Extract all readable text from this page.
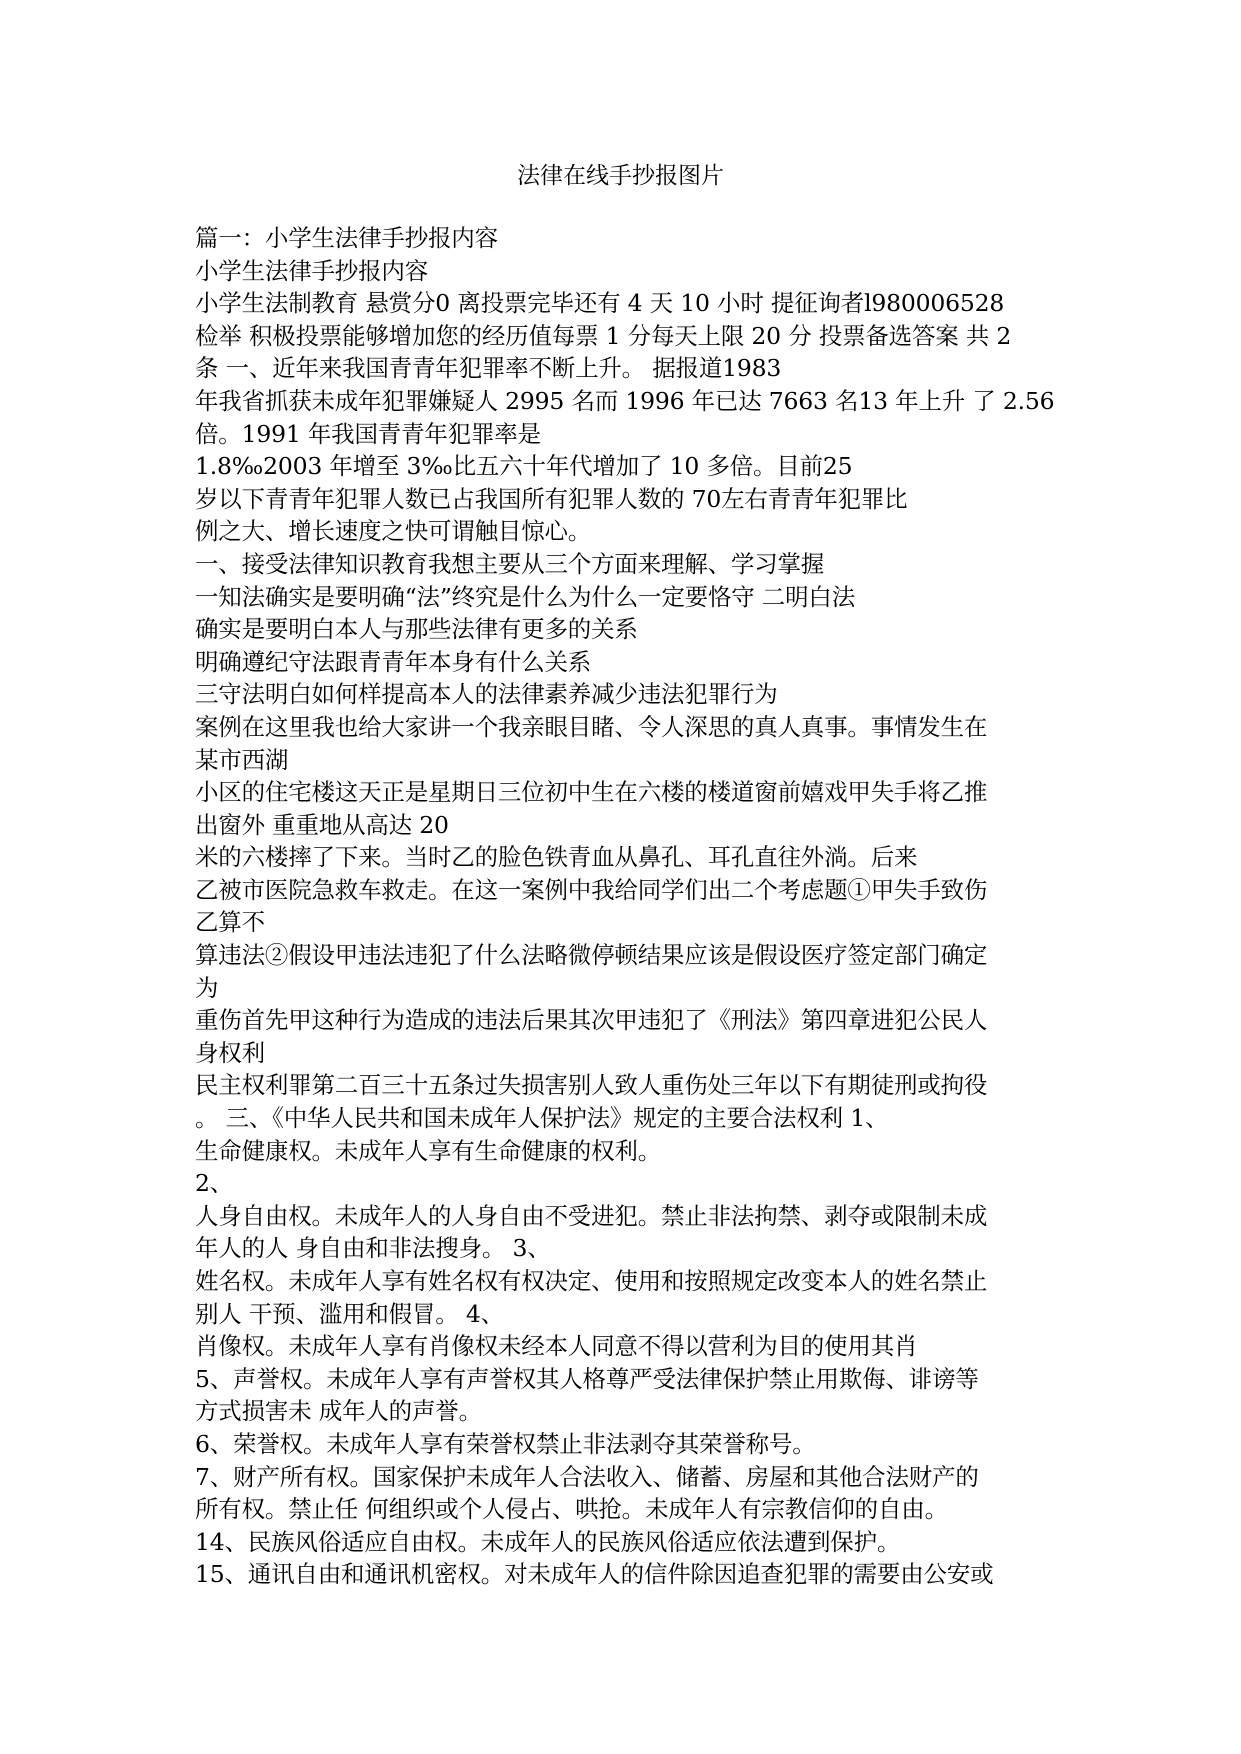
法律在线手抄报图片
篇一：小学生法律手抄报内容
小学生法律手抄报内容
小学生法制教育 悬赏分0 离投票完毕还有 4 天 10 小时 提征询者l980006528
检举 积极投票能够增加您的经历值每票 1 分每天上限 20 分 投票备选答案 共 2
条 一、近年来我国青青年犯罪率不断上升。 据报道1983
年我省抓获未成年犯罪嫌疑人 2995 名而 1996 年已达 7663 名13 年上升 了 2.56
倍。1991 年我国青青年犯罪率是
1.8‰2003 年增至 3‰比五六十年代增加了 10 多倍。目前25
岁以下青青年犯罪人数已占我国所有犯罪人数的 70左右青青年犯罪比
例之大、增长速度之快可谓触目惊心。
一、接受法律知识教育我想主要从三个方面来理解、学习掌握
一知法确实是要明确“法”终究是什么为什么一定要恪守 二明白法
确实是要明白本人与那些法律有更多的关系
明确遵纪守法跟青青年本身有什么关系
三守法明白如何样提高本人的法律素养减少违法犯罪行为
案例在这里我也给大家讲一个我亲眼目睹、令人深思的真人真事。事情发生在
某市西湖
小区的住宅楼这天正是星期日三位初中生在六楼的楼道窗前嬉戏甲失手将乙推
出窗外 重重地从高达 20
米的六楼摔了下来。当时乙的脸色铁青血从鼻孔、耳孔直往外淌。后来
乙被市医院急救车救走。在这一案例中我给同学们出二个考虑题①甲失手致伤
乙算不
算违法②假设甲违法违犯了什么法略微停顿结果应该是假设医疗签定部门确定
为
重伤首先甲这种行为造成的违法后果其次甲违犯了《刑法》第四章进犯公民人
身权利
民主权利罪第二百三十五条过失损害别人致人重伤处三年以下有期徒刑或拘役
。 三、《中华人民共和国未成年人保护法》规定的主要合法权利 1、
生命健康权。未成年人享有生命健康的权利。
2、
人身自由权。未成年人的人身自由不受进犯。禁止非法拘禁、剥夺或限制未成
年人的人 身自由和非法搜身。 3、
姓名权。未成年人享有姓名权有权决定、使用和按照规定改变本人的姓名禁止
别人 干预、滥用和假冒。 4、
肖像权。未成年人享有肖像权未经本人同意不得以营利为目的使用其肖
5、声誉权。未成年人享有声誉权其人格尊严受法律保护禁止用欺侮、诽谤等
方式损害未 成年人的声誉。
6、荣誉权。未成年人享有荣誉权禁止非法剥夺其荣誉称号。
7、财产所有权。国家保护未成年人合法收入、储蓄、房屋和其他合法财产的
所有权。禁止任 何组织或个人侵占、哄抢。未成年人有宗教信仰的自由。
14、民族风俗适应自由权。未成年人的民族风俗适应依法遭到保护。
15、通讯自由和通讯机密权。对未成年人的信件除因追查犯罪的需要由公安或
